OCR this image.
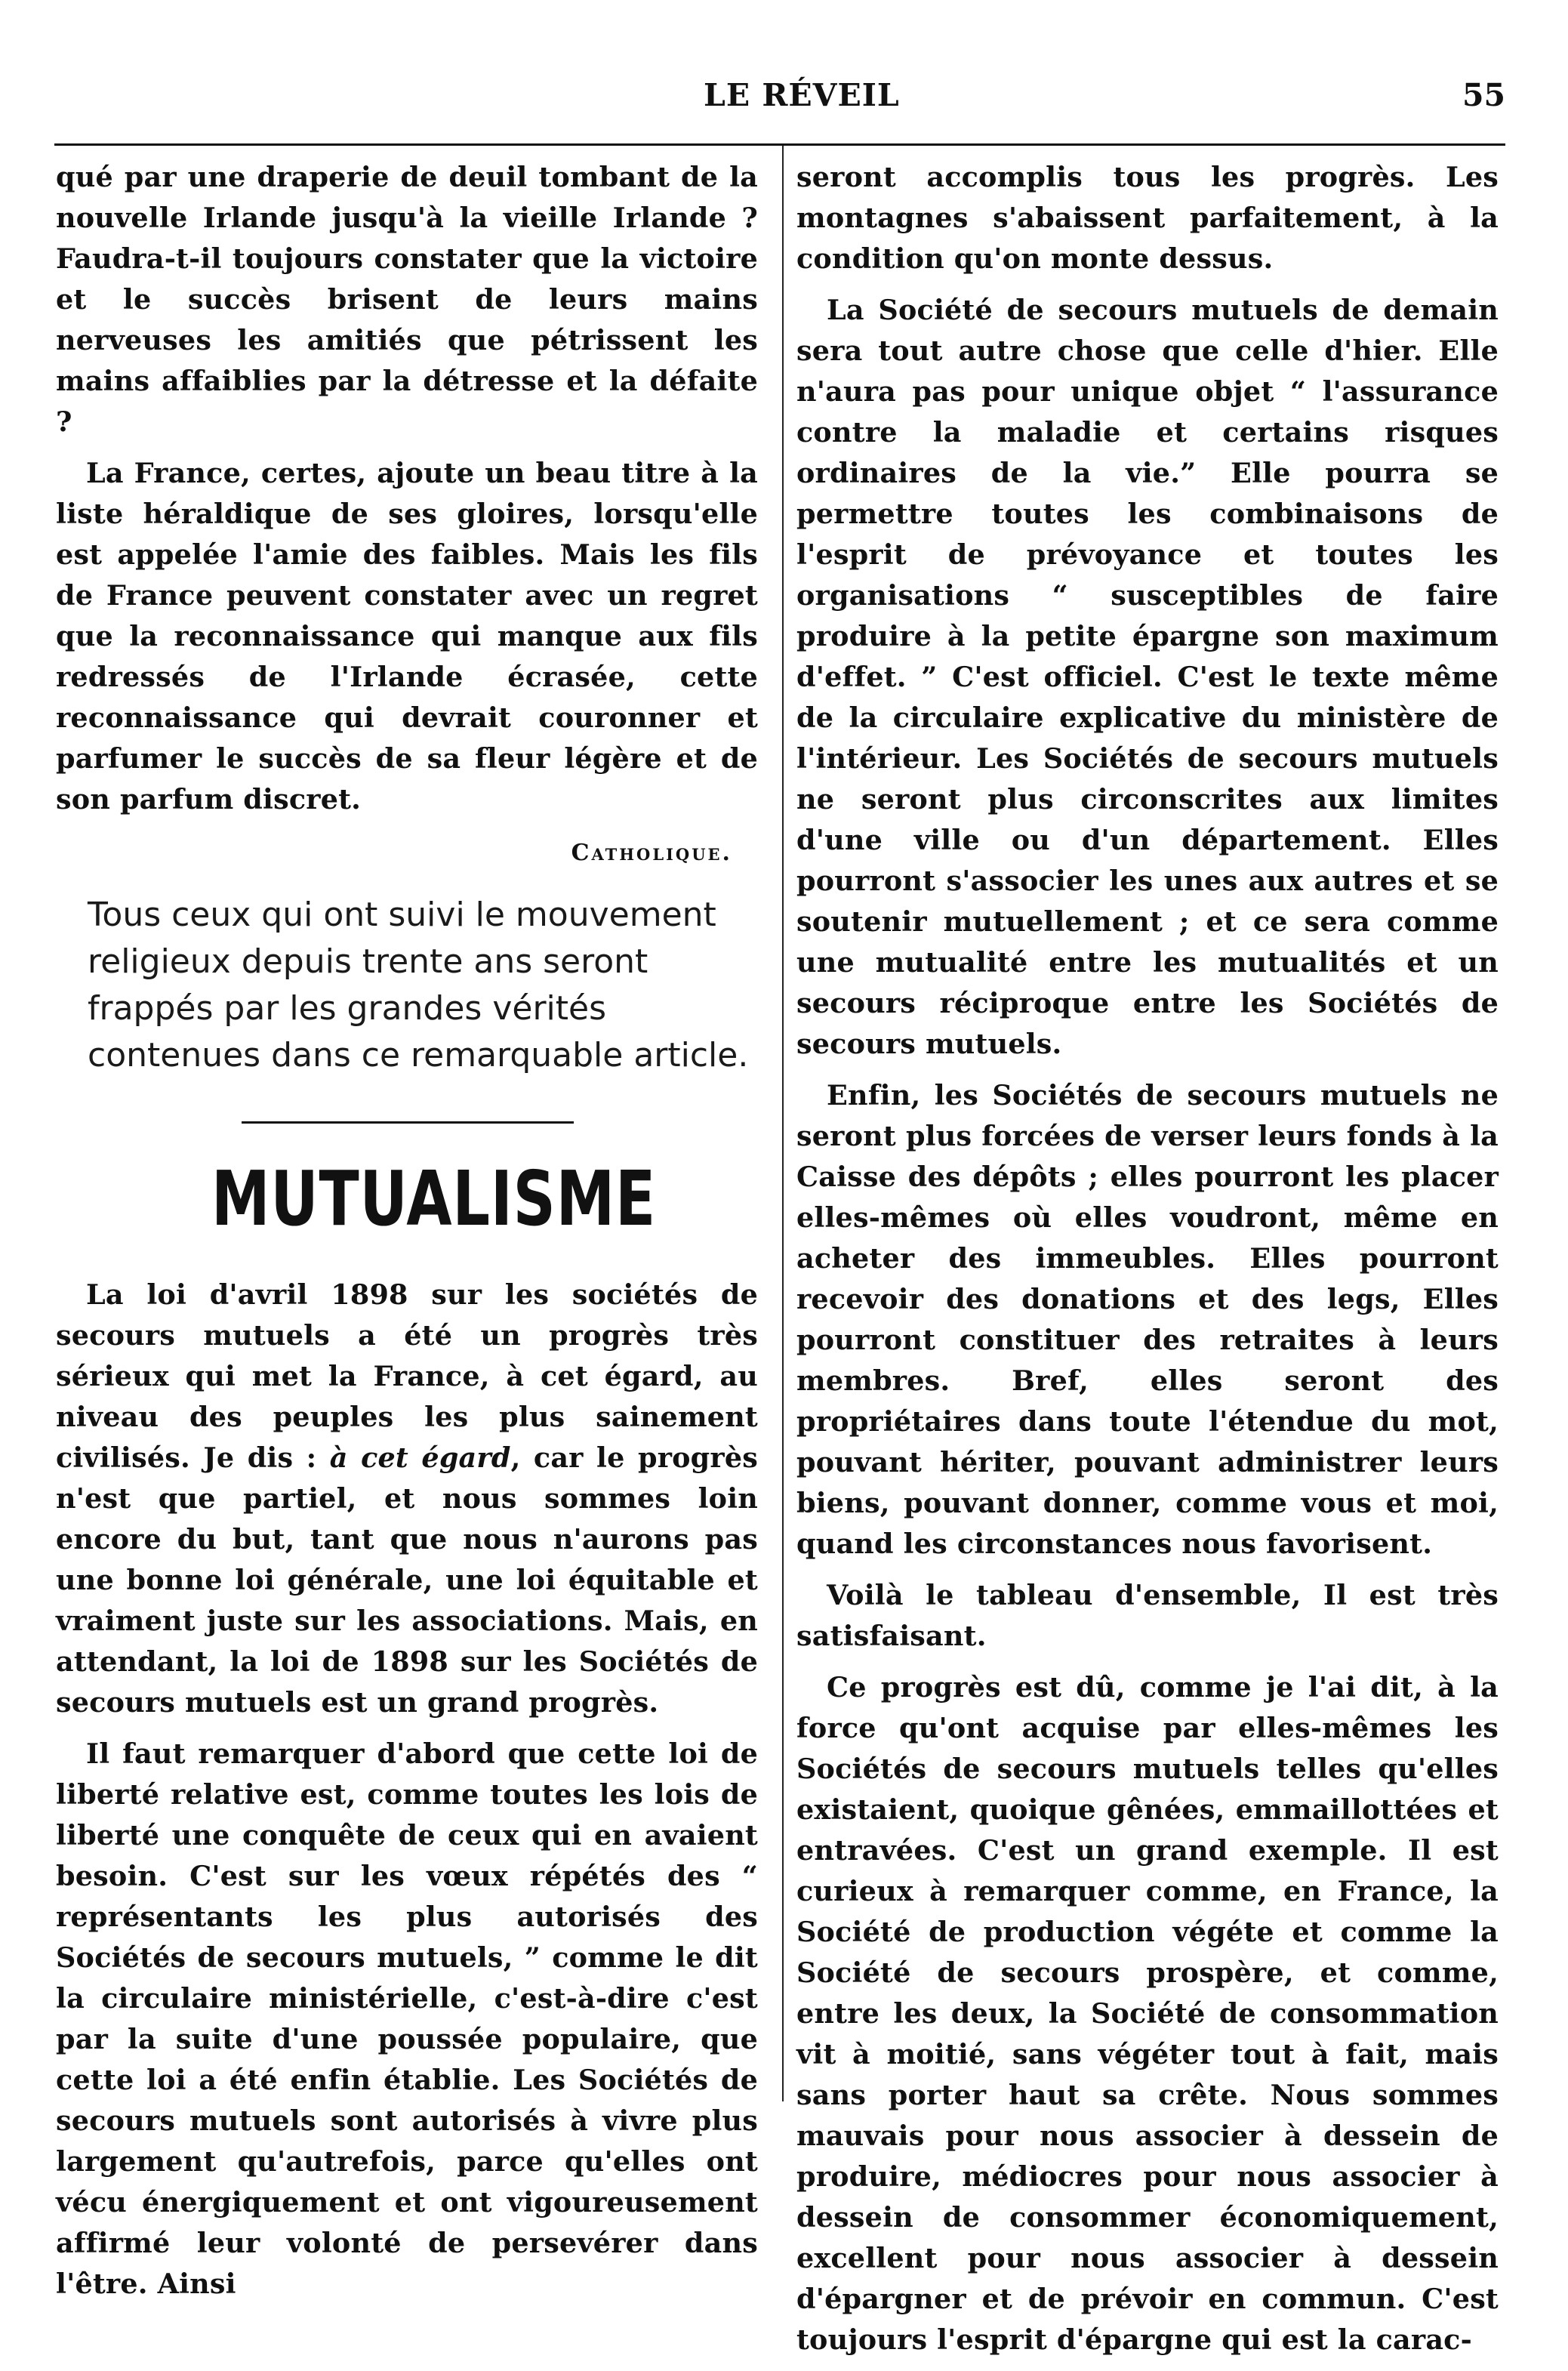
LE RÉVEIL	55

qué par une draperie de deuil tombant de la nouvelle Irlande jusqu'à la vieille Irlande ? Faudra-t-il toujours constater que la victoire et le succès brisent de leurs mains nerveuses les amitiés que pétrissent les mains affaiblies par la détresse et la défaite ?

La France, certes, ajoute un beau titre à la liste héraldique de ses gloires, lorsqu'elle est appelée l'amie des faibles. Mais les fils de France peuvent constater avec un regret que la reconnaissance qui manque aux fils redressés de l'Irlande écrasée, cette reconnaissance qui devrait couronner et parfumer le succès de sa fleur légère et de son parfum discret.

Catholique.
Tous ceux qui ont suivi le mouvement religieux depuis trente ans seront frappés par les grandes vérités contenues dans ce remarquable article.
MUTUALISME

La loi d'avril 1898 sur les sociétés de secours mutuels a été un progrès très sérieux qui met la France, à cet égard, au niveau des peuples les plus sainement civilisés. Je dis : à cet égard, car le progrès n'est que partiel, et nous sommes loin encore du but, tant que nous n'aurons pas une bonne loi générale, une loi équitable et vraiment juste sur les associations. Mais, en attendant, la loi de 1898 sur les Sociétés de secours mutuels est un grand progrès.

Il faut remarquer d'abord que cette loi de liberté relative est, comme toutes les lois de liberté une conquête de ceux qui en avaient besoin. C'est sur les vœux répétés des “ représentants les plus autorisés des Sociétés de secours mutuels, ” comme le dit la circulaire ministérielle, c'est-à-dire c'est par la suite d'une poussée populaire, que cette loi a été enfin établie. Les Sociétés de secours mutuels sont autorisés à vivre plus largement qu'autrefois, parce qu'elles ont vécu énergiquement et ont vigoureusement affirmé leur volonté de persevérer dans l'être. Ainsi

seront accomplis tous les progrès. Les montagnes s'abaissent parfaitement, à la condition qu'on monte dessus.

La Société de secours mutuels de demain sera tout autre chose que celle d'hier. Elle n'aura pas pour unique objet “ l'assurance contre la maladie et certains risques ordinaires de la vie.” Elle pourra se permettre toutes les combinaisons de l'esprit de prévoyance et toutes les organisations “ susceptibles de faire produire à la petite épargne son maximum d'effet. ” C'est officiel. C'est le texte même de la circulaire explicative du ministère de l'intérieur. Les Sociétés de secours mutuels ne seront plus circonscrites aux limites d'une ville ou d'un département. Elles pourront s'associer les unes aux autres et se soutenir mutuellement ; et ce sera comme une mutualité entre les mutualités et un secours réciproque entre les Sociétés de secours mutuels.

Enfin, les Sociétés de secours mutuels ne seront plus forcées de verser leurs fonds à la Caisse des dépôts ; elles pourront les placer elles-mêmes où elles voudront, même en acheter des immeubles. Elles pourront recevoir des donations et des legs, Elles pourront constituer des retraites à leurs membres. Bref, elles seront des propriétaires dans toute l'étendue du mot, pouvant hériter, pouvant administrer leurs biens, pouvant donner, comme vous et moi, quand les circonstances nous favorisent.

Voilà le tableau d'ensemble, Il est très satisfaisant.

Ce progrès est dû, comme je l'ai dit, à la force qu'ont acquise par elles-mêmes les Sociétés de secours mutuels telles qu'elles existaient, quoique gênées, emmaillottées et entravées. C'est un grand exemple. Il est curieux à remarquer comme, en France, la Société de production végéte et comme la Société de secours prospère, et comme, entre les deux, la Société de consommation vit à moitié, sans végéter tout à fait, mais sans porter haut sa crête. Nous sommes mauvais pour nous associer à dessein de produire, médiocres pour nous associer à dessein de consommer économiquement, excellent pour nous associer à dessein d'épargner et de prévoir en commun. C'est toujours l'esprit d'épargne qui est la carac-
